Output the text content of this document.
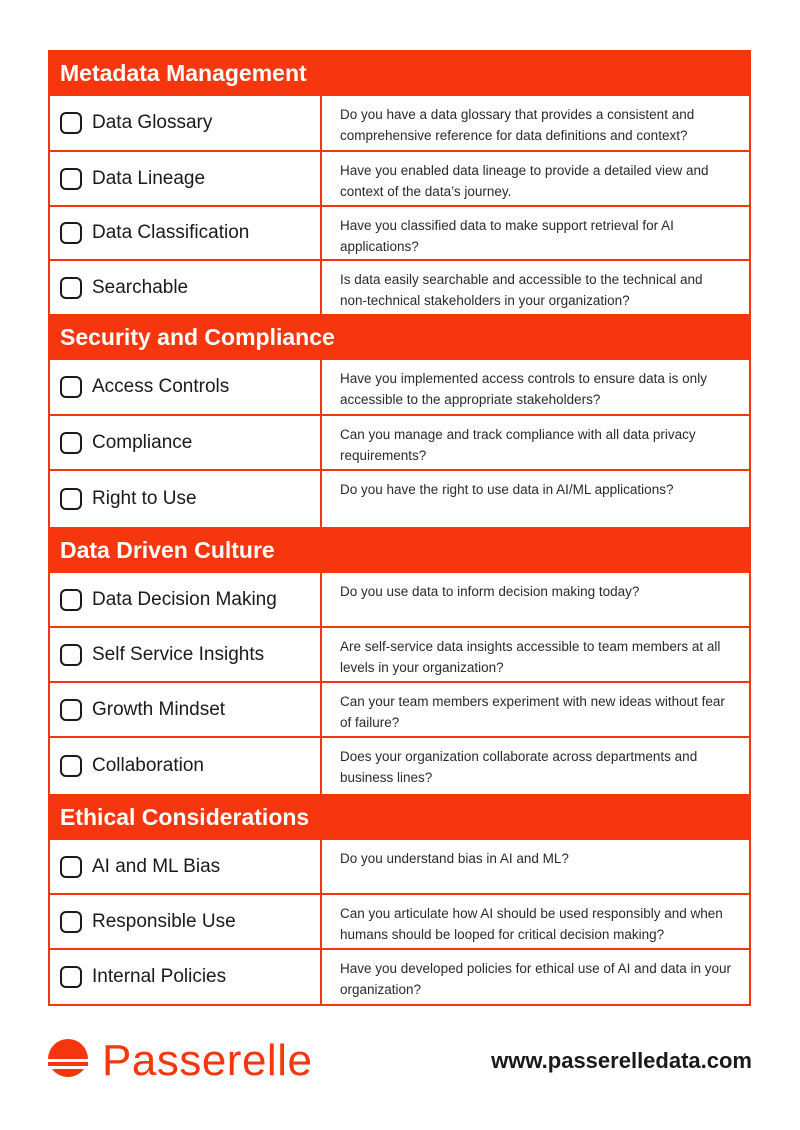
Metadata Management
Data Glossary	Do you have a data glossary that provides a consistent and comprehensive reference for data definitions and context?
Data Lineage	Have you enabled data lineage to provide a detailed view and context of the data’s journey.
Data Classification	Have you classified data to make support retrieval for AI applications?
Searchable	Is data easily searchable and accessible to the technical and non-technical stakeholders in your organization?
Security and Compliance
Access Controls	Have you implemented access controls to ensure data is only accessible to the appropriate stakeholders?
Compliance	Can you manage and track compliance with all data privacy requirements?
Right to Use	Do you have the right to use data in AI/ML applications?
Data Driven Culture
Data Decision Making	Do you use data to inform decision making today?
Self Service Insights	Are self-service data insights accessible to team members at all levels in your organization?
Growth Mindset	Can your team members experiment with new ideas without fear of failure?
Collaboration	Does your organization collaborate across departments and business lines?
Ethical Considerations
AI and ML Bias	Do you understand bias in AI and ML?
Responsible Use	Can you articulate how AI should be used responsibly and when humans should be looped for critical decision making?
Internal Policies	Have you developed policies for ethical use of AI and data in your organization?
Passerelle	www.passerelledata.com
